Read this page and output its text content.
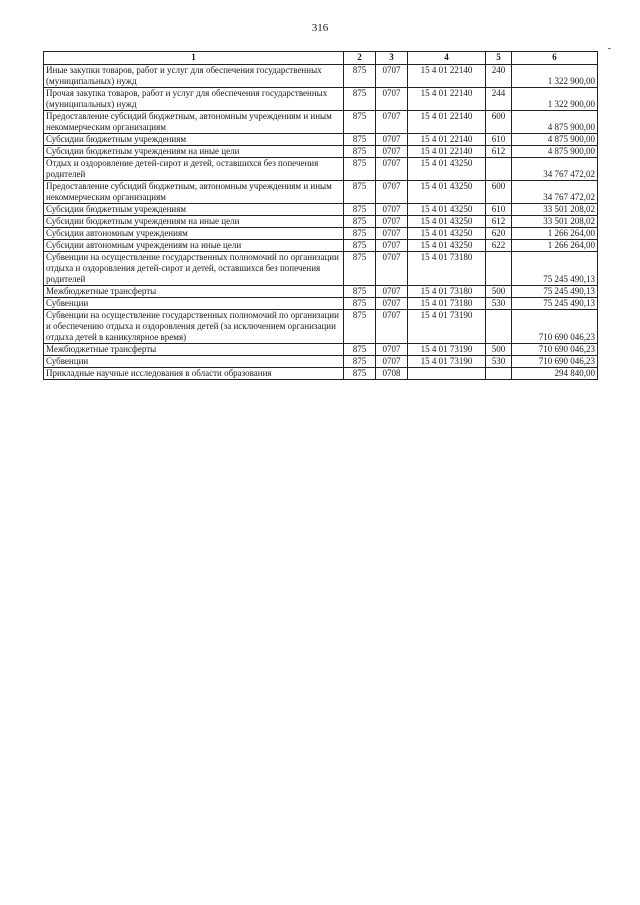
316
1	2	3	4	5	6
Иные закупки товаров, работ и услуг для обеспечения государственных (муниципальных) нужд	875	0707	15 4 01 22140	240	1 322 900,00
Прочая закупка товаров, работ и услуг для обеспечения государственных (муниципальных) нужд	875	0707	15 4 01 22140	244	1 322 900,00
Предоставление субсидий бюджетным, автономным учреждениям и иным некоммерческим организациям	875	0707	15 4 01 22140	600	4 875 900,00
Субсидии бюджетным учреждениям	875	0707	15 4 01 22140	610	4 875 900,00
Субсидии бюджетным учреждениям на иные цели	875	0707	15 4 01 22140	612	4 875 900,00
Отдых и оздоровление детей-сирот и детей, оставшихся без попечения родителей	875	0707	15 4 01 43250		34 767 472,02
Предоставление субсидий бюджетным, автономным учреждениям и иным некоммерческим организациям	875	0707	15 4 01 43250	600	34 767 472,02
Субсидии бюджетным учреждениям	875	0707	15 4 01 43250	610	33 501 208,02
Субсидии бюджетным учреждениям на иные цели	875	0707	15 4 01 43250	612	33 501 208,02
Субсидии автономным учреждениям	875	0707	15 4 01 43250	620	1 266 264,00
Субсидии автономным учреждениям на иные цели	875	0707	15 4 01 43250	622	1 266 264,00
Субвенции на осуществление государственных полномочий по организации отдыха и оздоровления детей-сирот и детей, оставшихся без попечения родителей	875	0707	15 4 01 73180		75 245 490,13
Межбюджетные трансферты	875	0707	15 4 01 73180	500	75 245 490,13
Субвенции	875	0707	15 4 01 73180	530	75 245 490,13
Субвенции на осуществление государственных полномочий по организации и обеспечению отдыха и оздоровления детей (за исключением организации отдыха детей в каникулярное время)	875	0707	15 4 01 73190		710 690 046,23
Межбюджетные трансферты	875	0707	15 4 01 73190	500	710 690 046,23
Субвенции	875	0707	15 4 01 73190	530	710 690 046,23
Прикладные научные исследования в области образования	875	0708			294 840,00
